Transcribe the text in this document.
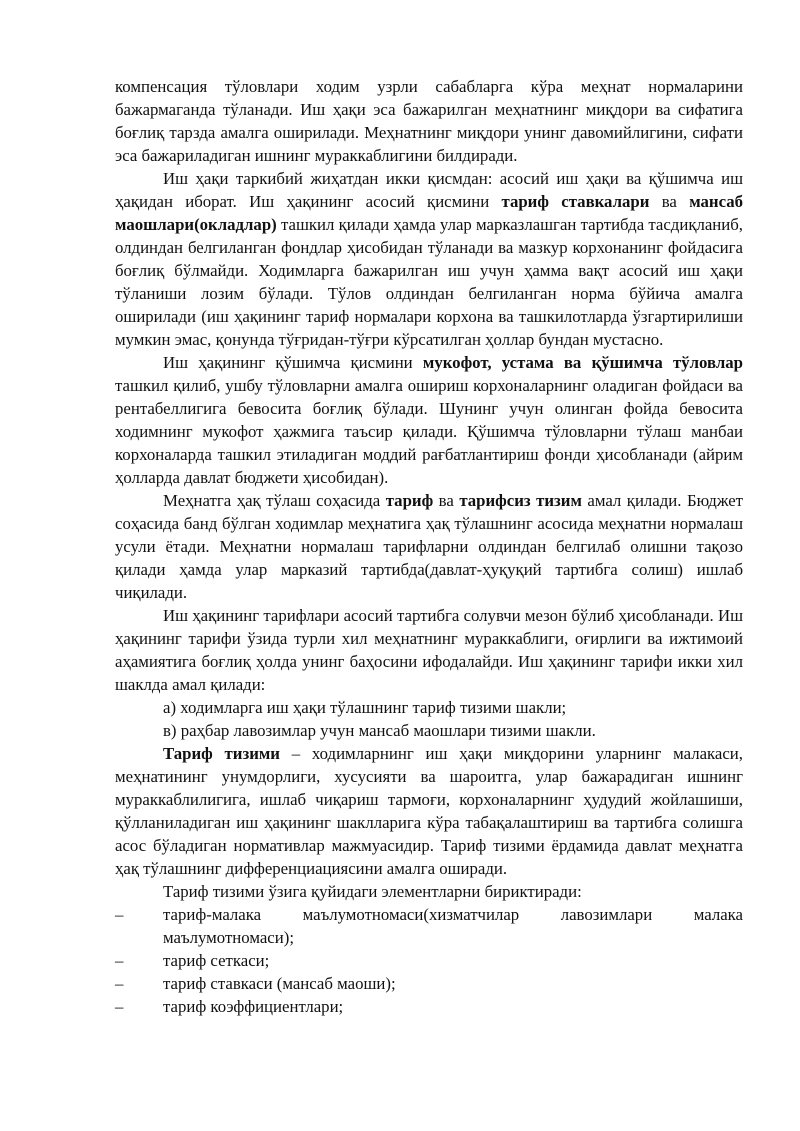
компенсация тўловлари ходим узрли сабабларга кўра меҳнат нормаларини бажармаганда тўланади. Иш ҳақи эса бажарилган меҳнатнинг миқдори ва сифатига боғлиқ тарзда амалга оширилади. Меҳнатнинг миқдори унинг давомийлигини, сифати эса бажариладиган ишнинг мураккаблигини билдиради.

Иш ҳақи таркибий жиҳатдан икки қисмдан: асосий иш ҳақи ва қўшимча иш ҳақидан иборат. Иш ҳақининг асосий қисмини тариф ставкалари ва мансаб маошлари(окладлар) ташкил қилади ҳамда улар марказлашган тартибда тасдиқланиб, олдиндан белгиланган фондлар ҳисобидан тўланади ва мазкур корхонанинг фойдасига боғлиқ бўлмайди. Ходимларга бажарилган иш учун ҳамма вақт асосий иш ҳақи тўланиши лозим бўлади. Тўлов олдиндан белгиланган норма бўйича амалга оширилади (иш ҳақининг тариф нормалари корхона ва ташкилотларда ўзгартирилиши мумкин эмас, қонунда тўғридан-тўғри кўрсатилган ҳоллар бундан мустасно.

Иш ҳақининг қўшимча қисмини мукофот, устама ва қўшимча тўловлар ташкил қилиб, ушбу тўловларни амалга ошириш корхоналарнинг оладиган фойдаси ва рентабеллигига бевосита боғлиқ бўлади. Шунинг учун олинган фойда бевосита ходимнинг мукофот ҳажмига таъсир қилади. Қўшимча тўловларни тўлаш манбаи корхоналарда ташкил этиладиган моддий рағбатлантириш фонди ҳисобланади (айрим ҳолларда давлат бюджети ҳисобидан).

Меҳнатга ҳақ тўлаш соҳасида тариф ва тарифсиз тизим амал қилади. Бюджет соҳасида банд бўлган ходимлар меҳнатига ҳақ тўлашнинг асосида меҳнатни нормалаш усули ётади. Меҳнатни нормалаш тарифларни олдиндан белгилаб олишни тақозо қилади ҳамда улар марказий тартибда(давлат-ҳуқуқий тартибга солиш) ишлаб чиқилади.

Иш ҳақининг тарифлари асосий тартибга солувчи мезон бўлиб ҳисобланади. Иш ҳақининг тарифи ўзида турли хил меҳнатнинг мураккаблиги, оғирлиги ва ижтимоий аҳамиятига боғлиқ ҳолда унинг баҳосини ифодалайди. Иш ҳақининг тарифи икки хил шаклда амал қилади:

а) ходимларга иш ҳақи тўлашнинг тариф тизими шакли;

в) раҳбар лавозимлар учун мансаб маошлари тизими шакли.

Тариф тизими – ходимларнинг иш ҳақи миқдорини уларнинг малакаси, меҳнатининг унумдорлиги, хусусияти ва шароитга, улар бажарадиган ишнинг мураккаблилигига, ишлаб чиқариш тармоғи, корхоналарнинг ҳудудий жойлашиши, қўлланиладиган иш ҳақининг шаклларига кўра табақалаштириш ва тартибга солишга асос бўладиган нормативлар мажмуасидир. Тариф тизими ёрдамида давлат меҳнатга ҳақ тўлашнинг дифференциациясини амалга оширади.

Тариф тизими ўзига қуйидаги элементларни бириктиради:

–	тариф-малака маълумотномаси(хизматчилар лавозимлари малака маълумотномаси);
–	тариф сеткаси;
–	тариф ставкаси (мансаб маоши);
–	тариф коэффициентлари;
